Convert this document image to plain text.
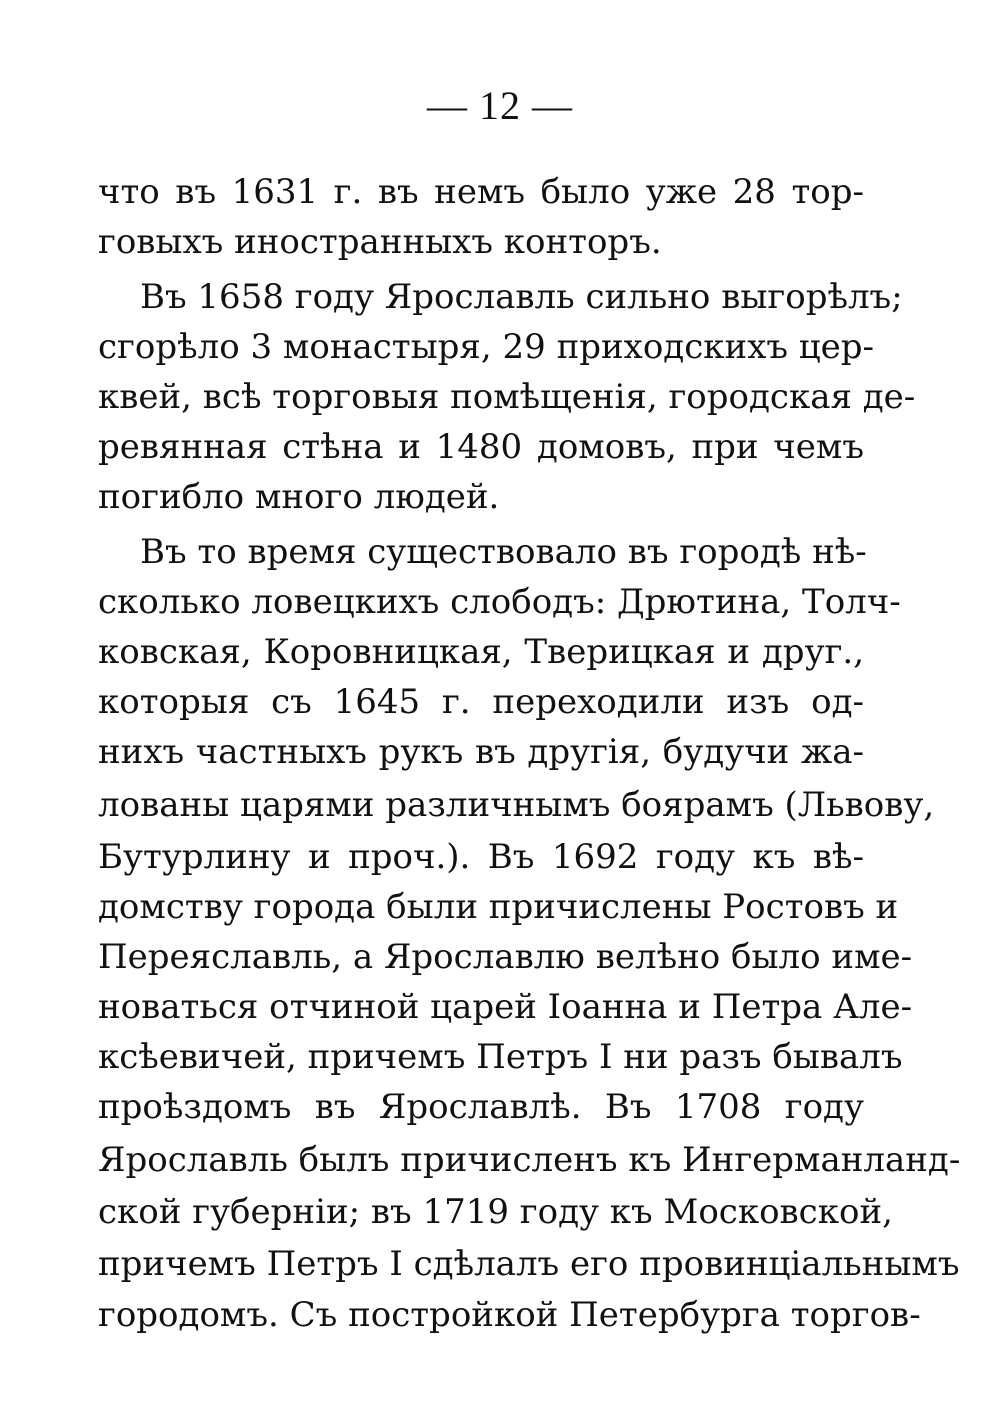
— 12 —
что въ 1631 г. въ немъ было уже 28 тор-
говыхъ иностранныхъ конторъ.
Въ 1658 году Ярославль сильно выгорѣлъ;
сгорѣло 3 монастыря, 29 приходскихъ цер-
квей, всѣ торговыя помѣщенія, городская де-
ревянная стѣна и 1480 домовъ, при чемъ
погибло много людей.
Въ то время существовало въ городѣ нѣ-
сколько ловецкихъ слободъ: Дрютина, Толч-
ковская, Коровницкая, Тверицкая и друг.,
которыя съ 1645 г. переходили изъ од-
нихъ частныхъ рукъ въ другія, будучи жа-
лованы царями различнымъ боярамъ (Львову,
Бутурлину и проч.). Въ 1692 году къ вѣ-
домству города были причислены Ростовъ и
Переяславль, а Ярославлю велѣно было име-
новаться отчиной царей Іоанна и Петра Але-
ксѣевичей, причемъ Петръ I ни разъ бывалъ
проѣздомъ въ Ярославлѣ. Въ 1708 году
Ярославль былъ причисленъ къ Ингерманланд-
ской губерніи; въ 1719 году къ Московской,
причемъ Петръ I сдѣлалъ его провинціальнымъ
городомъ. Съ постройкой Петербурга торгов-
